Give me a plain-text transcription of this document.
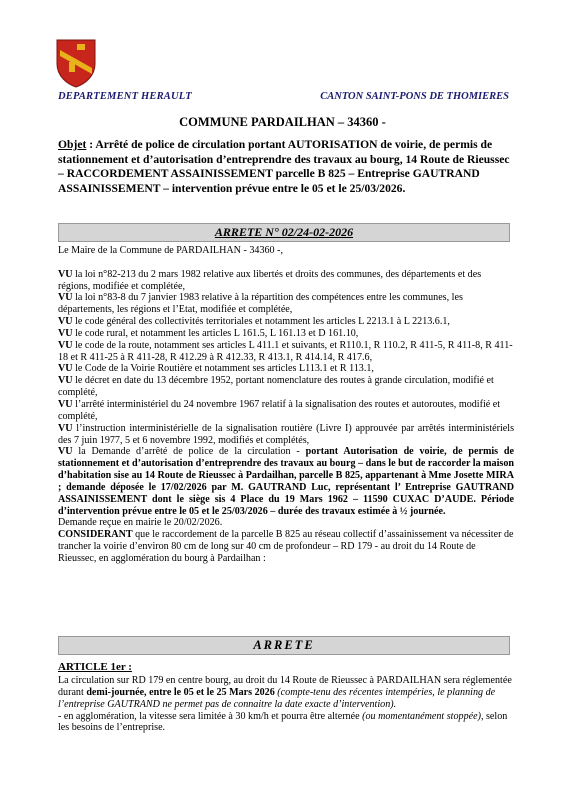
DEPARTEMENT HERAULT	CANTON SAINT-PONS DE THOMIERES
COMMUNE PARDAILHAN – 34360 -
Objet : Arrêté de police de circulation portant AUTORISATION de voirie, de permis de stationnement et d’autorisation d’entreprendre des travaux au bourg, 14 Route de Rieussec – RACCORDEMENT ASSAINISSEMENT parcelle B 825 – Entreprise GAUTRAND ASSAINISSEMENT – intervention prévue entre le 05 et le 25/03/2026.
ARRETE N° 02/24-02-2026

Le Maire de la Commune de PARDAILHAN - 34360 -,

VU la loi n°82-213 du 2 mars 1982 relative aux libertés et droits des communes, des départements et des régions, modifiée et complétée,

VU la loi n°83-8 du 7 janvier 1983 relative à la répartition des compétences entre les communes, les départements, les régions et l’Etat, modifiée et complétée,

VU le code général des collectivités territoriales et notamment les articles L 2213.1 à L 2213.6.1,

VU le code rural, et notamment les articles L 161.5, L 161.13 et D 161.10,

VU le code de la route, notamment ses articles L 411.1 et suivants, et R110.1, R 110.2, R 411-5, R 411-8, R 411-18 et R 411-25 à R 411-28, R 412.29 à R 412.33, R 413.1, R 414.14, R 417.6,

VU le Code de la Voirie Routière et notamment ses articles L113.1 et R 113.1,

VU le décret en date du 13 décembre 1952, portant nomenclature des routes à grande circulation, modifié et complété,

VU l’arrêté interministériel du 24 novembre 1967 relatif à la signalisation des routes et autoroutes, modifié et complété,

VU l’instruction interministérielle de la signalisation routière (Livre I) approuvée par arrêtés interministériels des 7 juin 1977, 5 et 6 novembre 1992, modifiés et complétés,

VU la Demande d’arrêté de police de la circulation - portant Autorisation de voirie, de permis de stationnement et d’autorisation d’entreprendre des travaux au bourg – dans le but de raccorder la maison d’habitation sise au 14 Route de Rieussec à Pardailhan, parcelle B 825, appartenant à Mme Josette MIRA ; demande déposée le 17/02/2026 par M. GAUTRAND Luc, représentant l’ Entreprise GAUTRAND ASSAINISSEMENT dont le siège sis 4 Place du 19 Mars 1962 – 11590 CUXAC D’AUDE. Période d’intervention prévue entre le 05 et le 25/03/2026 – durée des travaux estimée à ½ journée.

Demande reçue en mairie le 20/02/2026.

CONSIDERANT que le raccordement de la parcelle B 825 au réseau collectif d’assainissement va nécessiter de trancher la voirie d’environ 80 cm de long sur 40 cm de profondeur – RD 179 - au droit du 14 Route de Rieussec, en agglomération du bourg à Pardailhan :

ARRETE
ARTICLE 1er :

La circulation sur RD 179 en centre bourg, au droit du 14 Route de Rieussec à PARDAILHAN sera réglementée durant demi-journée, entre le 05 et le 25 Mars 2026 (compte-tenu des récentes intempéries, le planning de l’entreprise GAUTRAND ne permet pas de connaitre la date exacte d’intervention).

- en agglomération, la vitesse sera limitée à 30 km/h et pourra être alternée (ou momentanément stoppée), selon les besoins de l’entreprise.
